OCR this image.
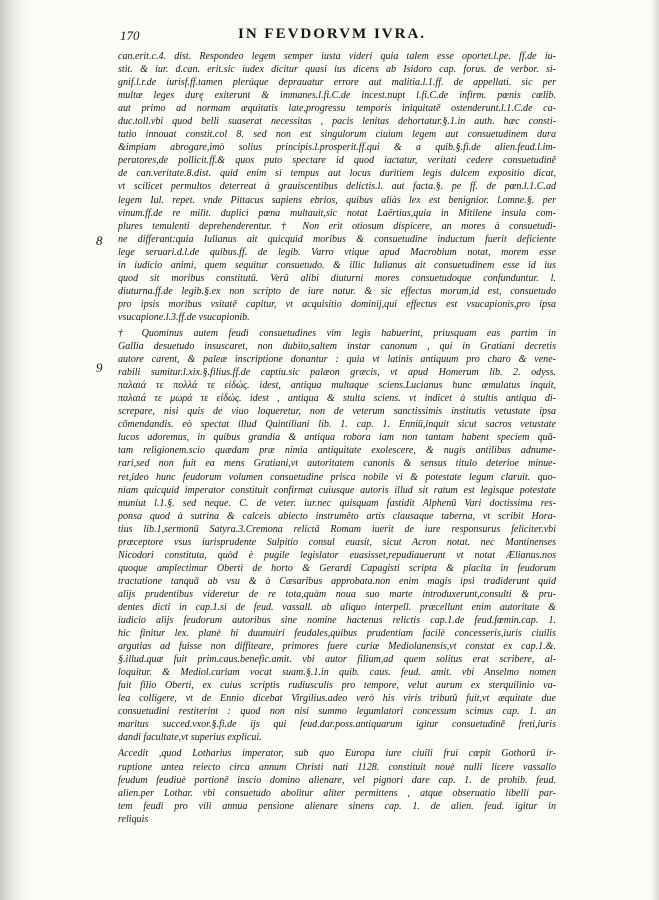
170	IN FEVDORVM IVRA.
8
9
can.erit.c.4. dist. Respondeo legem semper iusta videri quia talem esse oportet.l.pe. ff.de iu-
stit. & iur. d.can. erit.sic iudex dicitur quasi ius dicens ab Isidoro cap. forus. de verbor. si-
gnif.l.r.de iurisf.ff.tamen plerúque deprauatur errore aut malitia.l.1.ff. de appellati. sic per
multæ leges durę exiterunt & immanes.l.fi.C.de incest.nupt l.fi.C.de infirm. pœnis cœlib.
aut primo ad normam æquitatis late,progressu temporis iniquitatē ostenderunt.l.1.C.de ca-
duc.toll.vbi quod belli suaserat necessitas , pacis lenitas dehortatur.§.1.in auth. hæc consti-
tutio innouat constit.col 8. sed non est singulorum ciuium legem aut consuetudinem dura
&impiam abrogare,imò solius principis.l.prosperit.ff.qui & a quib.§.fi.de alien.feud.l.im-
peratores,de pollicit.ff.& quos puto spectare id quod iactatur, veritati cedere consuetudinē
de can.veritate.8.dist. quid enim si tempus aut locus duritiem legis dulcem expositio dicat,
vt scilicet permultos deterreat à grauiscentibus delictis.l. aut facta.§. pe ff. de pœn.l.1.C.ad
legem Iul. repet. vnde Pittacus sapiens ebrios, quibus aliàs lex est benignior. l.omne.§. per
vinum.ff.de re milit. duplici pœna multauit,sic notat Laërtius,quia in Mitilene insula com-
plures temulenti deprehenderentur. † Non erit otiosum dispicere, an mores à consuetudi-
ne differant:quia Iulianus ait quicquid moribus & consuetudine inductum fuerit deficiente
lege seruari.d.l.de quibus.ff. de legib. Varro vtique apud Macrobium notat, morem esse
in iudicio animi, quem sequitur consuetudo. & illic Iulianus ait consuetudinem esse id ius
quod sit moribus constitutū. Verū alibi diuturni mores consuetudoque confunduntur. l.
diuturna.ff.de legib.§.ex non scripto de iure natur. & sic effectus morum,id est, consuetudo
pro ipsis moribus vsitatē capitur, vt acquisitio dominij,qui effectus est vsucapionis,pro ipsa
vsucapione.l.3.ff.de vsucapionib.
† Quominus autem feudi consuetudines vim legis habuerint, priusquam eas partim in
Gallia desuetudo insuscaret, non dubito,saltem instar canonum , qui in Gratiani decretis
autore carent, & paleæ inscriptione donantur : quia vt latinis antiquum pro charo & vene-
rabili sumitur.l.xix.§.filius.ff.de captiu.sic palæon græcis, vt apud Homerum lib. 2. odyss.
παλαιά τε πολλά τε εἰδώς. idest, antiqua multaque sciens.Lucianus hunc æmulatus inquit,
παλαιά τε μωρά τε εἰδώς. idest , antiqua & stulta sciens. vt indicet à stultis antiqua di-
screpare, nisi quis de viuo loqueretur, non de veterum sanctissimis institutis vetustate ipsa
cōmendandis. eò spectat illud Quintiliani lib. 1. cap. 1. Enniū,inquit sicut sacros vetustate
lucos adoremus, in quibus grandia & antiqua robora iam non tantam habent speciem quā-
tam religionem.scio quædam præ nimia antiquitate exolescere, & nugis antilibus adnume-
rari,sed non fuit ea mens Gratiani,vt autoritatem canonis & sensus titulo deterioe minue-
ret,ideo hunc feudorum volumen consuetudine prisca nobile vi & potestate legum claruit. quo-
niam quicquid imperator constituit confirmat cuiusque autoris illud sit ratum est legisque potestate
muniut l.1.§. sed neque. C. de veter. iur.nec quisquam fastidit Alphenū Vari doctissima res-
ponsa quod à sutrina & calceis abiecto instrumēto artis clausaque taberna, vt scribit Hora-
tius lib.1,sermonū Satyra.3.Cremona relictā Romam iuerit de iure responsurus feliciter.vbi
præceptore vsus iurisprudente Sulpitio consul euasit, sicut Acron notat. nec Mantinenses
Nicodori constituta, quòd è pugile legislator euasisset,repudiauerunt vt notat Ælianus.nos
quoque amplectimur Oberti de horto & Gerardi Capagisti scripta & placita in feudorum
tractatione tanquā ab vsu & à Cæsaribus approbata.non enim magis ipsi tradiderunt quid
alijs prudentibus videretur de re tota,quàm noua suo marte introduxerunt,consulti & pru-
dentes dicti in cap.1.si de feud. vassall. ab aliquo interpell. præcellunt enim autoritate &
iudicio alijs feudorum autoribus sine nomine hactenus relictis cap.1.de feud.fœmin.cap. 1.
hic finitur lex. planè hi duumuiri feudales,quibus prudentiam facilè concesseris,iuris ciuilis
argutias ad fuisse non diffiteare, primores fuere curiæ Mediolanensis,vt constat ex cap.1.&.
§.illud.quæ fuit prim.caus.benefic.amit. vbi autor filium,ad quem solitus erat scribere, al-
loquitur. & Mediol.curiam vocat suam.§.1.in quib. caus. feud. amit. vbi Anselmo nomen
fuit filio Oberti, ex cuius scriptis rudiusculis pro tempore, velut aurum ex sterquilinio va-
lea colligere, vt de Ennio dicebat Virgilius.adeo verò his viris tributū fuit,vt æquitate due
consuetudini restiterint : quod non nisi summo legumlatori concessum scimus cap. 1. an
maritus succed.vxor.§.fi.de ijs qui feud.dar.poss.antiquarum igitur consuetudinē freti,iuris
dandi facultate,vt superius explicui.
Accedit ,quod Lotharius imperator, sub quo Europa iure ciuili frui cœpit Gothorū ir-
ruptione antea reiecto circa annum Christi nati 1128. constituit nouè nulli licere vassallo
feudum feudiuè portionē inscio domino alienare, vel pignori dare cap. 1. de prohib. feud.
alien.per Lothar. vbi consuetudo abolitur aliter permittens , atque obseruatio libelli par-
tem feudi pro vili annua pensione alienare sinens cap. 1. de alien. feud. igitur in
reliquis
